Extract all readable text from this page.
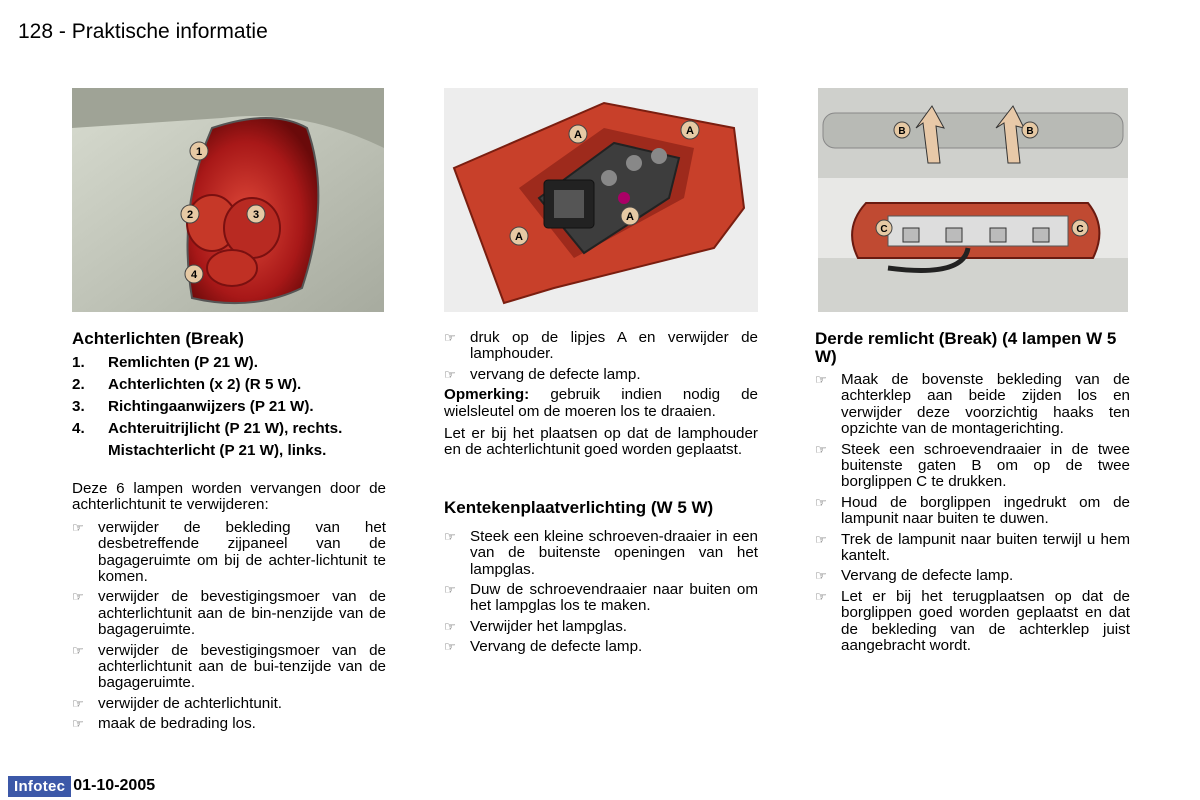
128 - Praktische informatie
1
2	3
4
A	A
A
A
B	B
C	C
Achterlichten (Break)
1.	Remlichten (P 21 W).
2.	Achterlichten (x 2) (R 5 W).
3.	Richtingaanwijzers (P 21 W).
4.	Achteruitrijlicht (P 21 W), rechts.
Mistachterlicht (P 21 W), links.

Deze 6 lampen worden vervangen door de achterlichtunit te verwijderen:

☞ verwijder de bekleding van het desbetreffende zijpaneel van de bagageruimte om bij de achter-lichtunit te komen.
☞ verwijder de bevestigingsmoer van de achterlichtunit aan de bin-nenzijde van de bagageruimte.
☞ verwijder de bevestigingsmoer van de achterlichtunit aan de bui-tenzijde van de bagageruimte.
☞ verwijder de achterlichtunit.
☞ maak de bedrading los.
☞ druk op de lipjes A en verwijder de lamphouder.
☞ vervang de defecte lamp.

Opmerking: gebruik indien nodig de wielsleutel om de moeren los te draaien.

Let er bij het plaatsen op dat de lamphouder en de achterlichtunit goed worden geplaatst.

Kentekenplaatverlichting (W 5 W)
☞ Steek een kleine schroeven-draaier in een van de buitenste openingen van het lampglas.
☞ Duw de schroevendraaier naar buiten om het lampglas los te maken.
☞ Verwijder het lampglas.
☞ Vervang de defecte lamp.
Derde remlicht (Break) (4 lampen W 5 W)
☞ Maak de bovenste bekleding van de achterklep aan beide zijden los en verwijder deze voorzichtig haaks ten opzichte van de montagerichting.
☞ Steek een schroevendraaier in de twee buitenste gaten B om op de twee borglippen C te drukken.
☞ Houd de borglippen ingedrukt om de lampunit naar buiten te duwen.
☞ Trek de lampunit naar buiten terwijl u hem kantelt.
☞ Vervang de defecte lamp.
☞ Let er bij het terugplaatsen op dat de borglippen goed worden geplaatst en dat de bekleding van de achterklep juist aangebracht wordt.
Infotec 01-10-2005
